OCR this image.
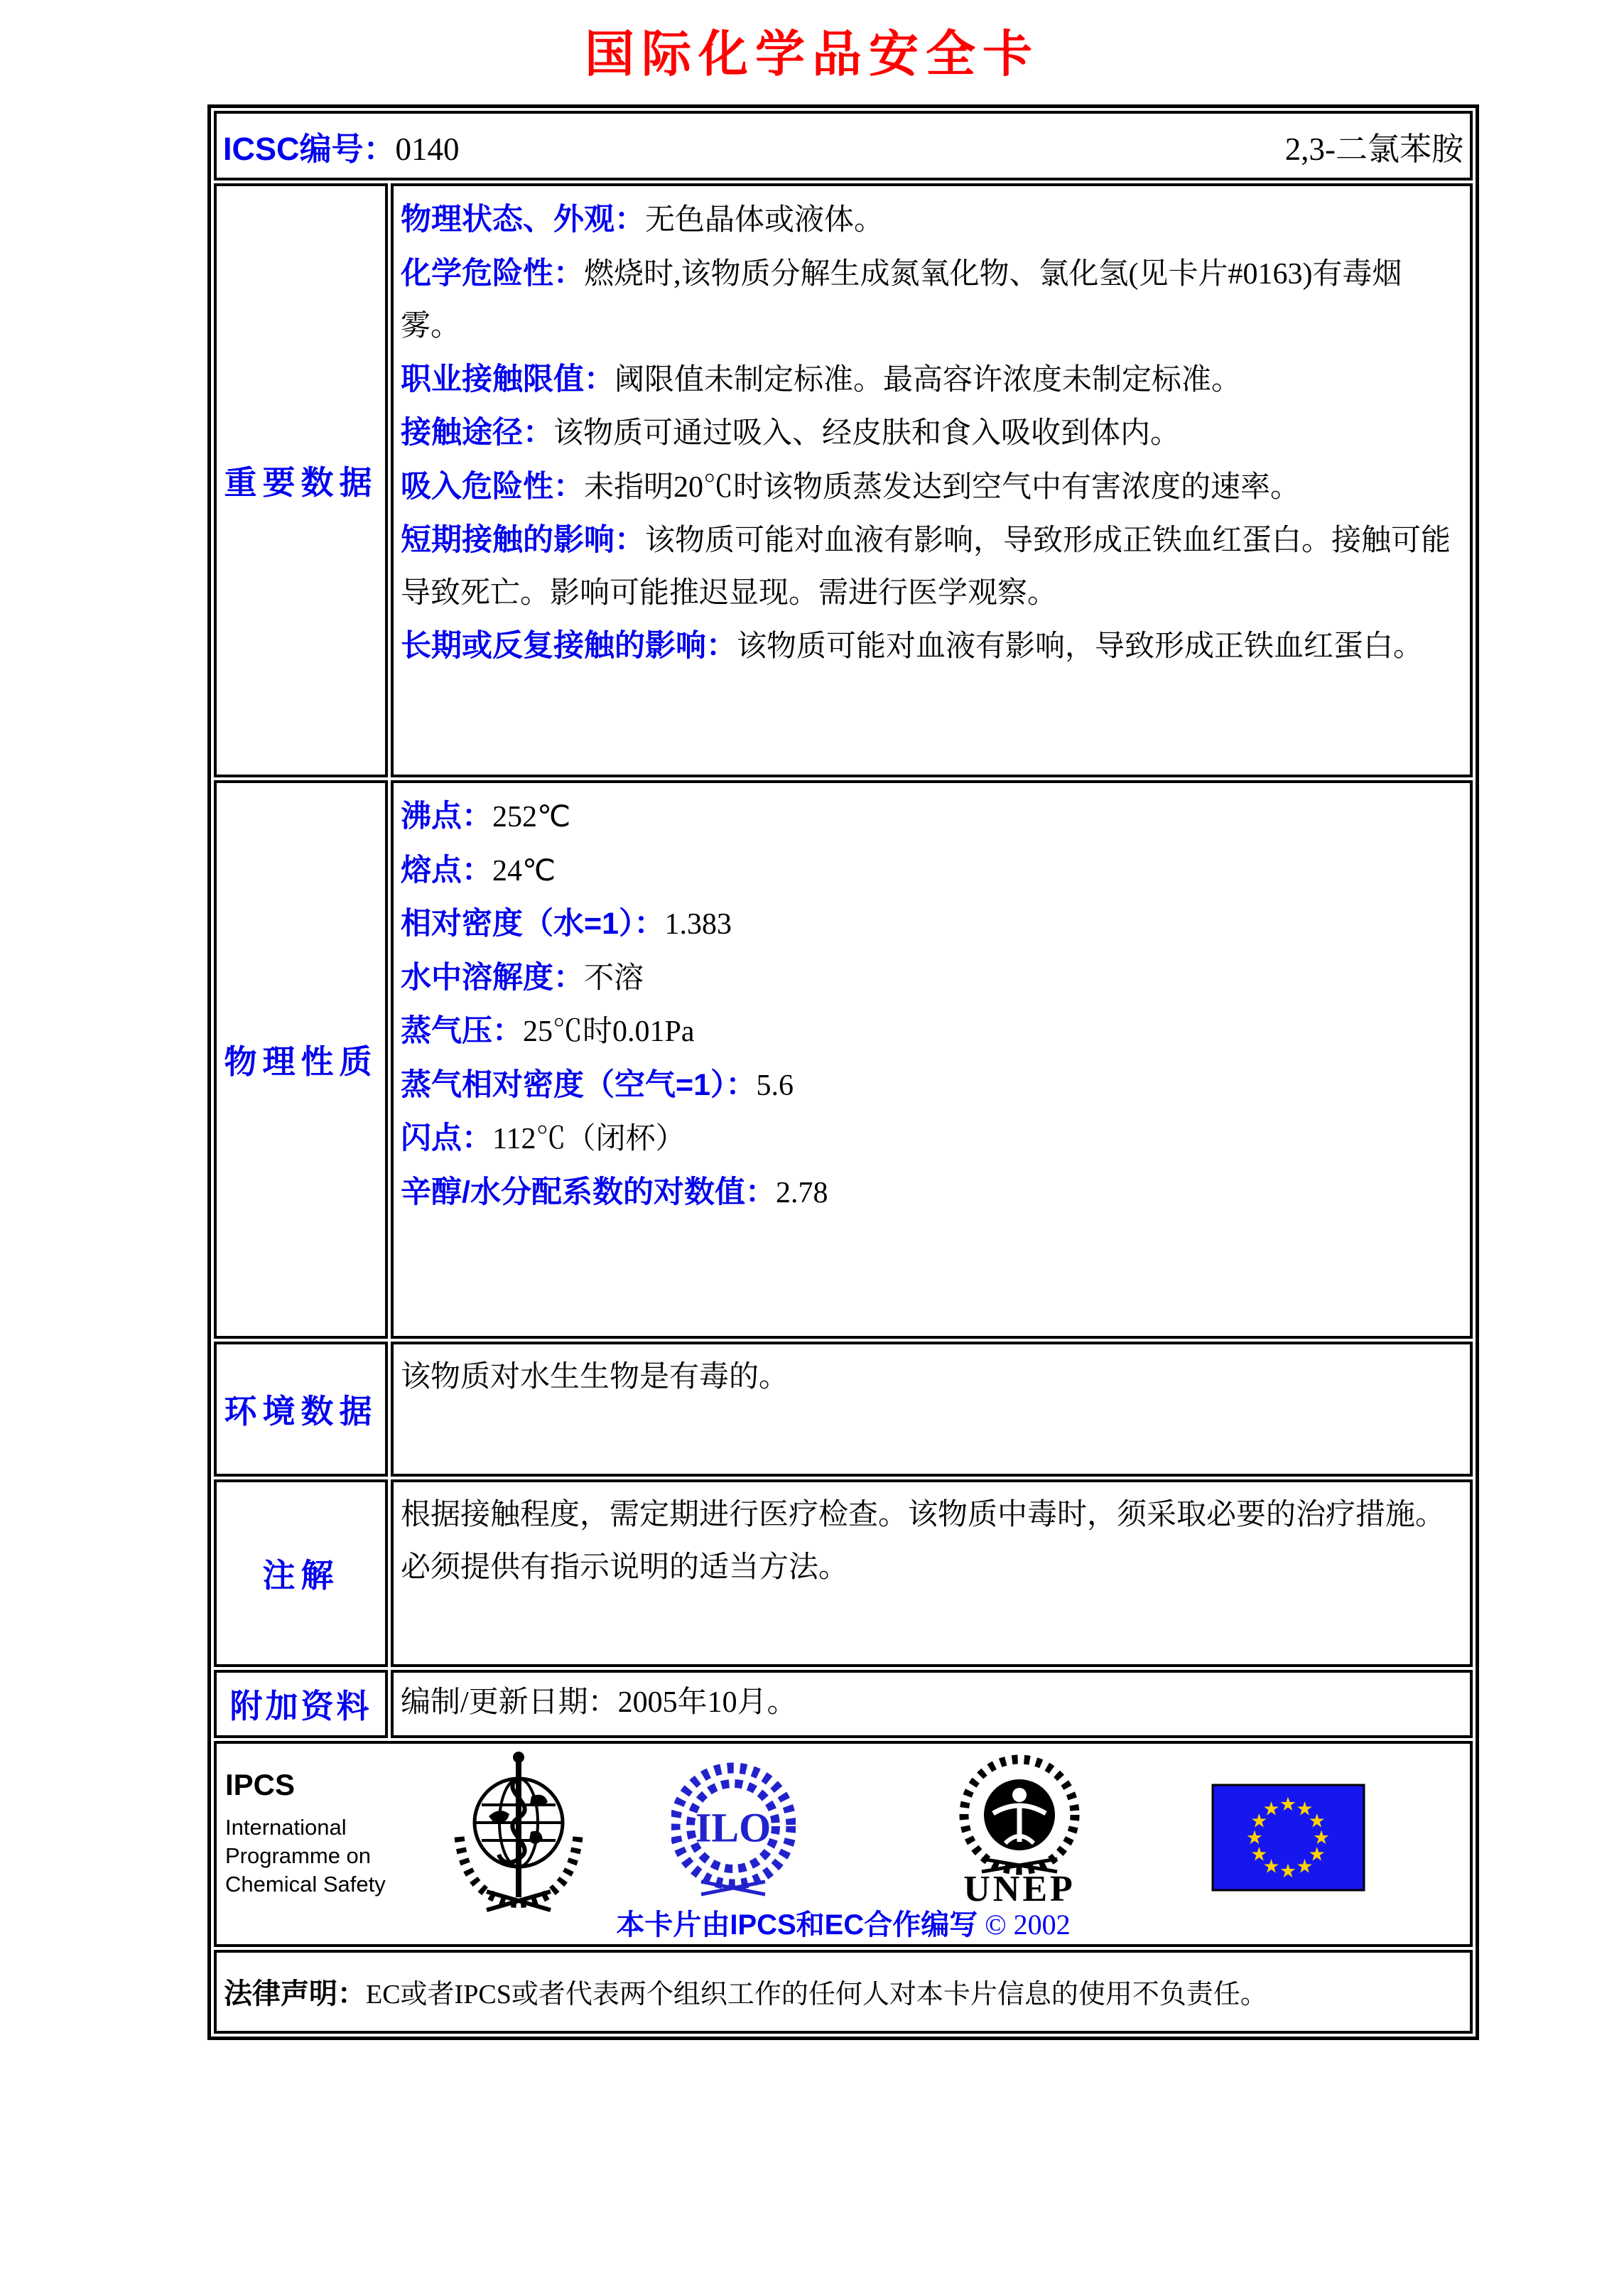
国际化学品安全卡
ICSC编号：0140 2,3-二氯苯胺	

重要数据	

物理状态、外观：无色晶体或液体。

化学危险性：燃烧时,该物质分解生成氮氧化物、氯化氢(见卡片#0163)有毒烟雾。

职业接触限值：阈限值未制定标准。最高容许浓度未制定标准。

接触途径：该物质可通过吸入、经皮肤和食入吸收到体内。

吸入危险性：未指明20℃时该物质蒸发达到空气中有害浓度的速率。

短期接触的影响：该物质可能对血液有影响，导致形成正铁血红蛋白。接触可能导致死亡。影响可能推迟显现。需进行医学观察。

长期或反复接触的影响：该物质可能对血液有影响，导致形成正铁血红蛋白。

物理性质	

沸点：252℃

熔点：24℃

相对密度（水=1）：1.383

水中溶解度：不溶

蒸气压：25℃时0.01Pa

蒸气相对密度（空气=1）：5.6

闪点：112℃（闭杯）

辛醇/水分配系数的对数值：2.78

环境数据	该物质对水生生物是有毒的。

注解	根据接触程度，需定期进行医疗检查。该物质中毒时，须采取必要的治疗措施。必须提供有指示说明的适当方法。

附加资料	编制/更新日期：2005年10月。

IPCS
International
Programme on
Chemical Safety
ILO
UNEP
★ ★
★
★
★
★
★
★
★
★
★
★
本卡片由IPCS和EC合作编写 © 2002

法律声明：EC或者IPCS或者代表两个组织工作的任何人对本卡片信息的使用不负责任。	
